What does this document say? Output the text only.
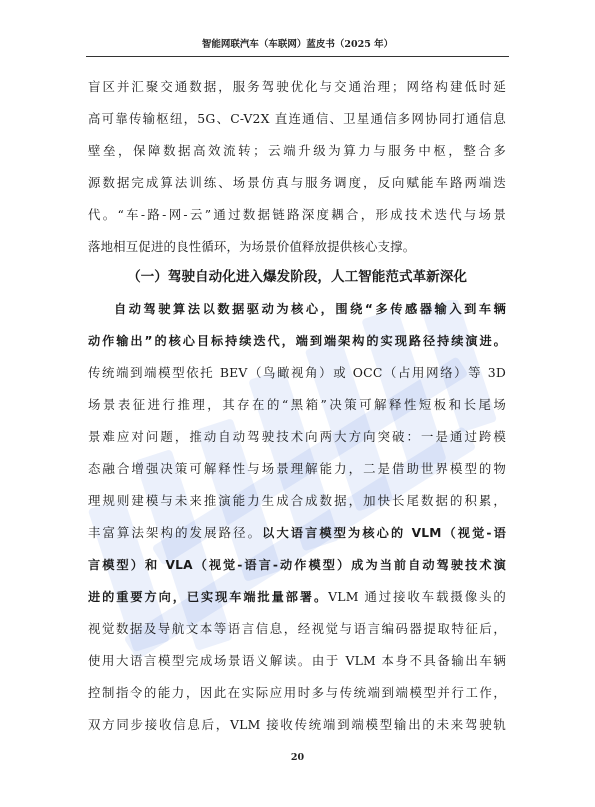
智能网联汽车（车联网）蓝皮书（2025 年）
盲区并汇聚交通数据，服务驾驶优化与交通治理；网络构建低时延
高可靠传输枢纽，5G、C-V2X 直连通信、卫星通信多网协同打通信息
壁垒，保障数据高效流转；云端升级为算力与服务中枢，整合多
源数据完成算法训练、场景仿真与服务调度，反向赋能车路两端迭
代。“车-路-网-云”通过数据链路深度耦合，形成技术迭代与场景
落地相互促进的良性循环，为场景价值释放提供核心支撑。
（一）驾驶自动化进入爆发阶段，人工智能范式革新深化
自动驾驶算法以数据驱动为核心，围绕“多传感器输入到车辆
动作输出”的核心目标持续迭代，端到端架构的实现路径持续演进。
传统端到端模型依托 BEV（鸟瞰视角）或 OCC（占用网络）等 3D
场景表征进行推理，其存在的“黑箱”决策可解释性短板和长尾场
景难应对问题，推动自动驾驶技术向两大方向突破：一是通过跨模
态融合增强决策可解释性与场景理解能力，二是借助世界模型的物
理规则建模与未来推演能力生成合成数据，加快长尾数据的积累，
丰富算法架构的发展路径。以大语言模型为核心的 VLM（视觉-语
言模型）和 VLA（视觉-语言-动作模型）成为当前自动驾驶技术演
进的重要方向，已实现车端批量部署。VLM 通过接收车载摄像头的
视觉数据及导航文本等语言信息，经视觉与语言编码器提取特征后，
使用大语言模型完成场景语义解读。由于 VLM 本身不具备输出车辆
控制指令的能力，因此在实际应用时多与传统端到端模型并行工作，
双方同步接收信息后，VLM 接收传统端到端模型输出的未来驾驶轨
20
